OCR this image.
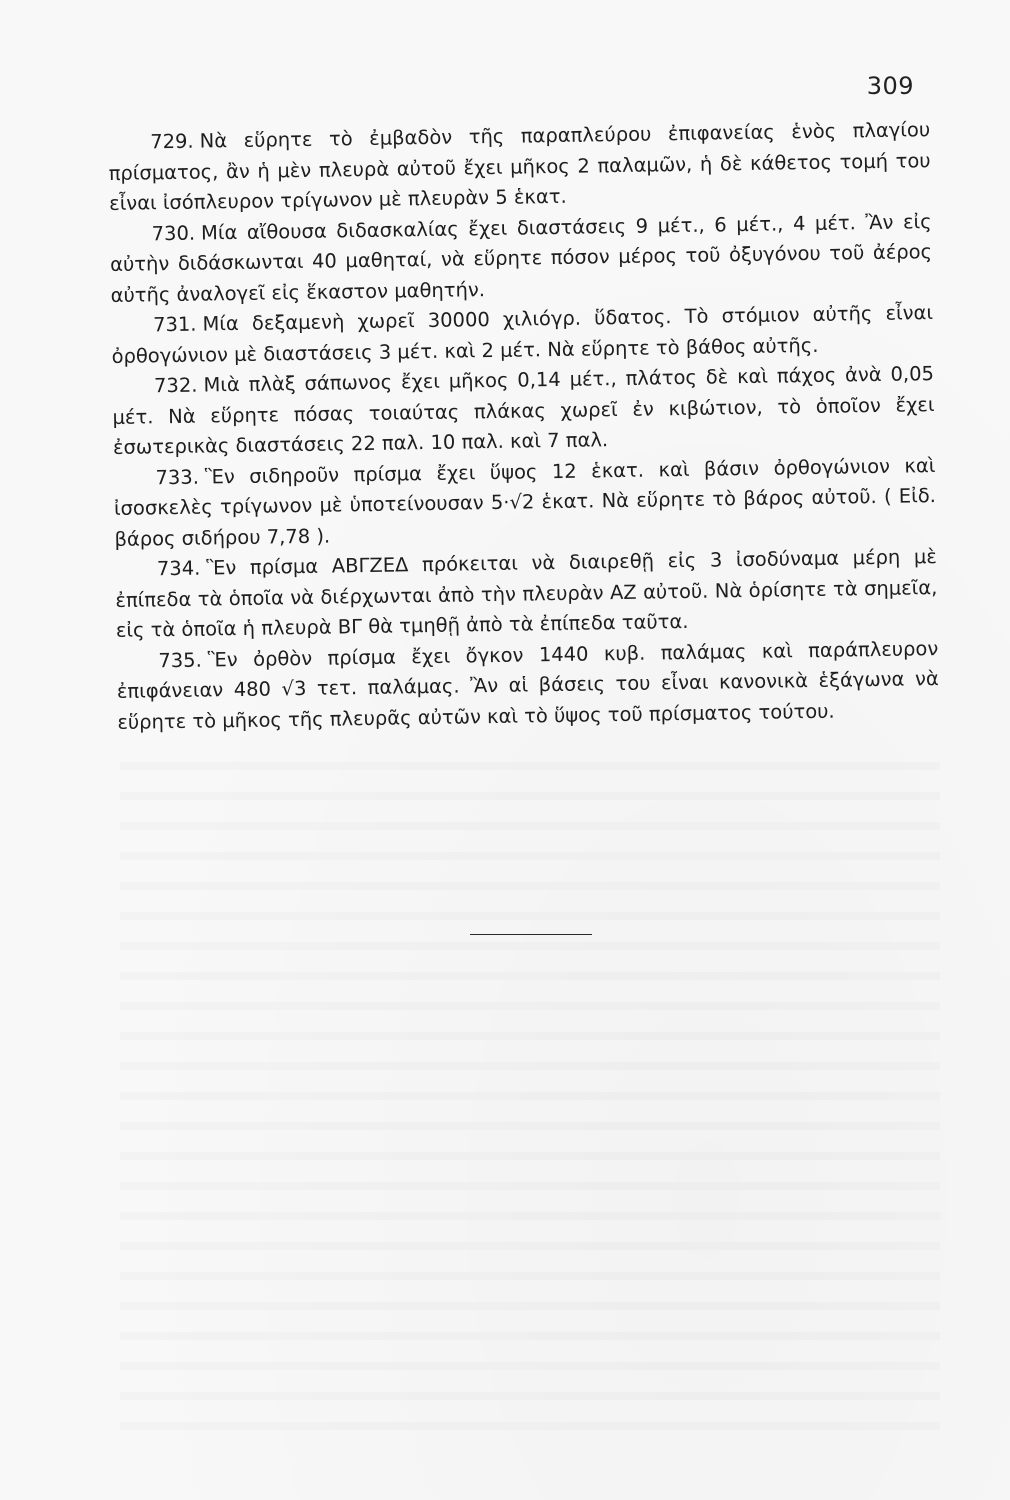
309

729. Νὰ εὕρητε τὸ ἐμβαδὸν τῆς παραπλεύρου ἐπιφανείας ἑνὸς πλαγίου πρίσματος, ἂν ἡ μὲν πλευρὰ αὐτοῦ ἔχει μῆκος 2 παλαμῶν, ἡ δὲ κάθετος τομή του εἶναι ἰσόπλευρον τρίγωνον μὲ πλευρὰν 5 ἑκατ.

730. Μία αἴθουσα διδασκαλίας ἔχει διαστάσεις 9 μέτ., 6 μέτ., 4 μέτ. Ἂν εἰς αὐτὴν διδάσκωνται 40 μαθηταί, νὰ εὕρητε πόσον μέρος τοῦ ὀξυγόνου τοῦ ἀέρος αὐτῆς ἀναλογεῖ εἰς ἕκαστον μαθητήν.

731. Μία δεξαμενὴ χωρεῖ 30000 χιλιόγρ. ὕδατος. Τὸ στόμιον αὐτῆς εἶναι ὀρθογώνιον μὲ διαστάσεις 3 μέτ. καὶ 2 μέτ. Νὰ εὕρητε τὸ βάθος αὐτῆς.

732. Μιὰ πλὰξ σάπωνος ἔχει μῆκος 0,14 μέτ., πλάτος δὲ καὶ πάχος ἀνὰ 0,05 μέτ. Νὰ εὕρητε πόσας τοιαύτας πλάκας χωρεῖ ἐν κιβώτιον, τὸ ὁποῖον ἔχει ἐσωτερικὰς διαστάσεις 22 παλ. 10 παλ. καὶ 7 παλ.

733. Ἓν σιδηροῦν πρίσμα ἔχει ὕψος 12 ἑκατ. καὶ βάσιν ὀρθογώνιον καὶ ἰσοσκελὲς τρίγωνον μὲ ὑποτείνουσαν 5·√2 ἑκατ. Νὰ εὕρητε τὸ βάρος αὐτοῦ. ( Εἰδ. βάρος σιδήρου 7,78 ).

734. Ἓν πρίσμα ΑΒΓΖΕΔ πρόκειται νὰ διαιρεθῇ εἰς 3 ἰσοδύναμα μέρη μὲ ἐπίπεδα τὰ ὁποῖα νὰ διέρχωνται ἀπὸ τὴν πλευρὰν ΑΖ αὐτοῦ. Νὰ ὁρίσητε τὰ σημεῖα, εἰς τὰ ὁποῖα ἡ πλευρὰ ΒΓ θὰ τμηθῇ ἀπὸ τὰ ἐπίπεδα ταῦτα.

735. Ἓν ὀρθὸν πρίσμα ἔχει ὄγκον 1440 κυβ. παλάμας καὶ παράπλευρον ἐπιφάνειαν 480 √3 τετ. παλάμας. Ἂν αἱ βάσεις του εἶναι κανονικὰ ἑξάγωνα νὰ εὕρητε τὸ μῆκος τῆς πλευρᾶς αὐτῶν καὶ τὸ ὕψος τοῦ πρίσματος τούτου.
